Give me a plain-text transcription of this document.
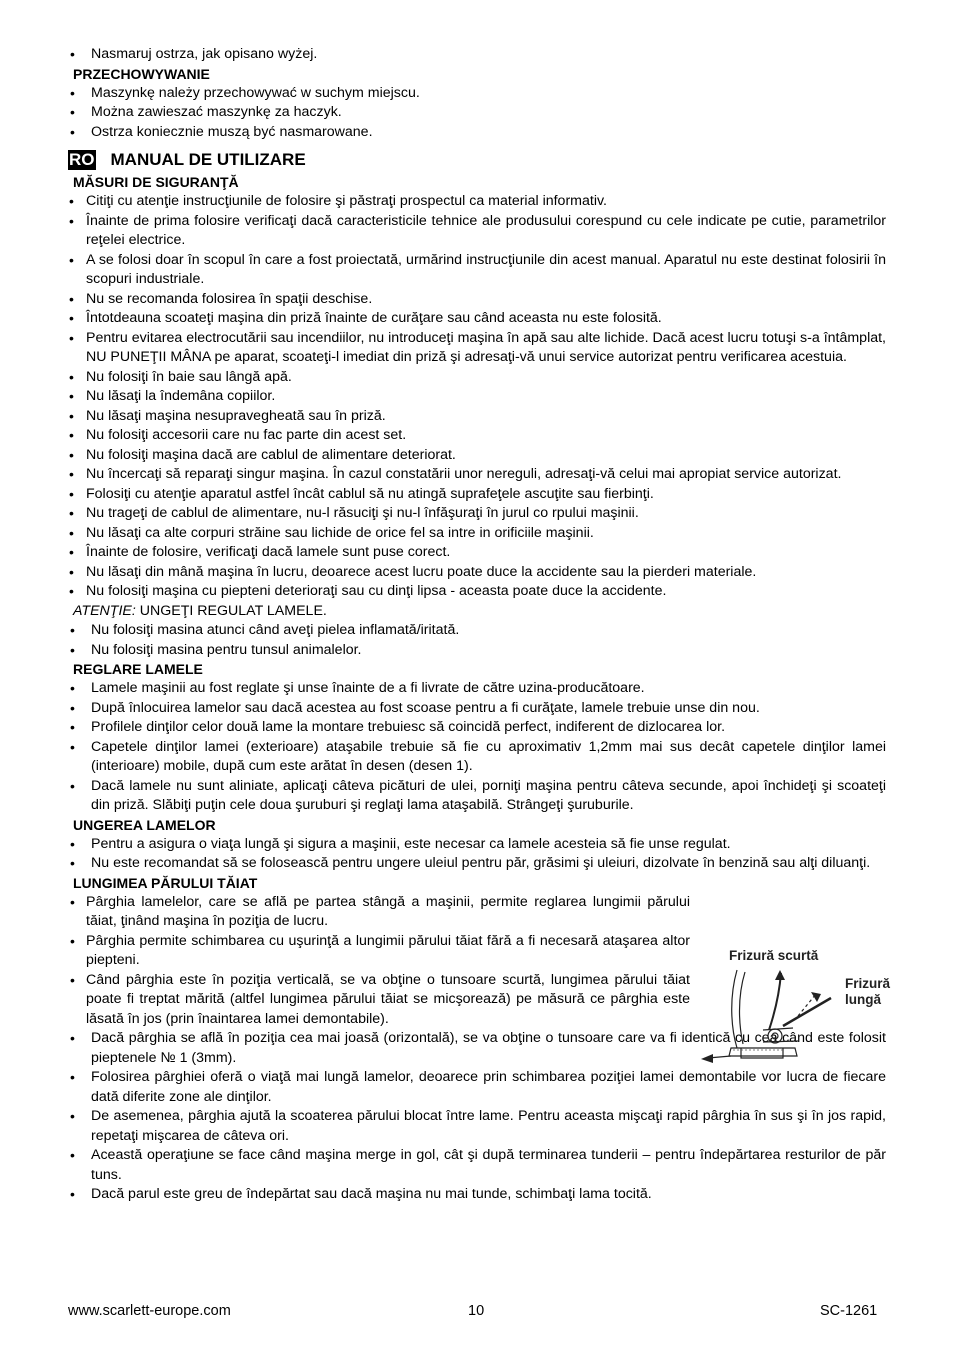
• Nasmaruj ostrza, jak opisano wyżej.
PRZECHOWYWANIE
• Maszynkę należy przechowywać w suchym miejscu.
• Można zawieszać maszynkę za haczyk.
• Ostrza koniecznie muszą być nasmarowane.
RO MANUAL DE UTILIZARE
MĂSURI DE SIGURANŢĂ
• Citiţi cu atenţie instrucţiunile de folosire şi păstraţi prospectul ca material informativ.
• Înainte de prima folosire verificaţi dacă caracteristicile tehnice ale produsului corespund cu cele indicate pe cutie, parametrilor reţelei electrice.
• A se folosi doar în scopul în care a fost proiectată, urmărind instrucţiunile din acest manual. Aparatul nu este destinat folosirii în scopuri industriale.
• Nu se recomanda folosirea în spaţii deschise.
• Întotdeauna scoateţi maşina din priză înainte de curăţare sau când aceasta nu este folosită.
• Pentru evitarea electrocutării sau incendiilor, nu introduceţi maşina în apă sau alte lichide. Dacă acest lucru totuşi s-a întâmplat, NU PUNEŢII MÂNA pe aparat, scoateţi-l imediat din priză şi adresaţi-vă unui service autorizat pentru verificarea acestuia.
• Nu folosiţi în baie sau lângă apă.
• Nu lăsaţi la îndemâna copiilor.
• Nu lăsaţi maşina nesupravegheată sau în priză.
• Nu folosiţi accesorii care nu fac parte din acest set.
• Nu folosiţi maşina dacă are cablul de alimentare deteriorat.
• Nu încercaţi să reparaţi singur maşina. În cazul constatării unor nereguli, adresaţi-vă celui mai apropiat service autorizat.
• Folosiţi cu atenţie aparatul astfel încât cablul să nu atingă suprafeţele ascuţite sau fierbinţi.
• Nu trageţi de cablul de alimentare, nu-l răsuciţi şi nu-l înfăşuraţi în jurul co rpului maşinii.
• Nu lăsaţi ca alte corpuri străine sau lichide de orice fel sa intre in orificiile maşinii.
• Înainte de folosire, verificaţi dacă lamele sunt puse corect.
• Nu lăsaţi din mână maşina în lucru, deoarece acest lucru poate duce la accidente sau la pierderi materiale.
• Nu folosiţi maşina cu piepteni deterioraţi sau cu dinţi lipsa - aceasta poate duce la accidente.
ATENŢIE: UNGEŢI REGULAT LAMELE.
• Nu folosiţi masina atunci când aveţi pielea inflamată/iritată.
• Nu folosiţi masina pentru tunsul animalelor.
REGLARE LAMELE
• Lamele maşinii au fost reglate şi unse înainte de a fi livrate de către uzina-producătoare.
• După înlocuirea lamelor sau dacă acestea au fost scoase pentru a fi curăţate, lamele trebuie unse din nou.
• Profilele dinţilor celor două lame la montare trebuiesc să coincidă perfect, indiferent de dizlocarea lor.
• Capetele dinţilor lamei (exterioare) ataşabile trebuie să fie cu aproximativ 1,2mm mai sus decât capetele dinţilor lamei (interioare) mobile, după cum este arătat în desen (desen 1).
• Dacă lamele nu sunt aliniate, aplicaţi câteva picături de ulei, porniţi maşina pentru câteva secunde, apoi închideţi şi scoateţi din priză. Slăbiţi puţin cele doua şuruburi şi reglaţi lama ataşabilă. Strângeţi şuruburile.
UNGEREA LAMELOR
• Pentru a asigura o viaţa lungă şi sigura a maşinii, este necesar ca lamele acesteia să fie unse regulat.
• Nu este recomandat să se folosească pentru ungere uleiul pentru păr, grăsimi şi uleiuri, dizolvate în benzină sau alţi diluanţi.
LUNGIMEA PĂRULUI TĂIAT
• Pârghia lamelelor, care se află pe partea stângă a maşinii, permite reglarea lungimii părului tăiat, ţinând maşina în poziţia de lucru.
• Pârghia permite schimbarea cu uşurinţă a lungimii părului tăiat fără a fi necesară ataşarea altor piepteni.
• Când pârghia este în poziţia verticală, se va obţine o tunsoare scurtă, lungimea părului tăiat poate fi treptat mărită (altfel lungimea părului tăiat se micşorează) pe măsură ce pârghia este lăsată în jos (prin înaintarea lamei demontabile).
• Dacă pârghia se află în poziţia cea mai joasă (orizontală), se va obţine o tunsoare care va fi identică cu cea când este folosit pieptenele № 1 (3mm).
• Folosirea pârghiei oferă o viaţă mai lungă lamelor, deoarece prin schimbarea poziţiei lamei demontabile vor lucra de fiecare dată diferite zone ale dinţilor.
• De asemenea, pârghia ajută la scoaterea părului blocat între lame. Pentru aceasta mişcaţi rapid pârghia în sus şi în jos rapid, repetaţi mişcarea de câteva ori.
• Această operaţiune se face când maşina merge in gol, cât şi după terminarea tunderii – pentru îndepărtarea resturilor de păr tuns.
• Dacă parul este greu de îndepărtat sau dacă maşina nu mai tunde, schimbaţi lama tocită.
Frizură scurtă
Frizură
lungă
www.scarlett-europe.com	10	SC-1261
